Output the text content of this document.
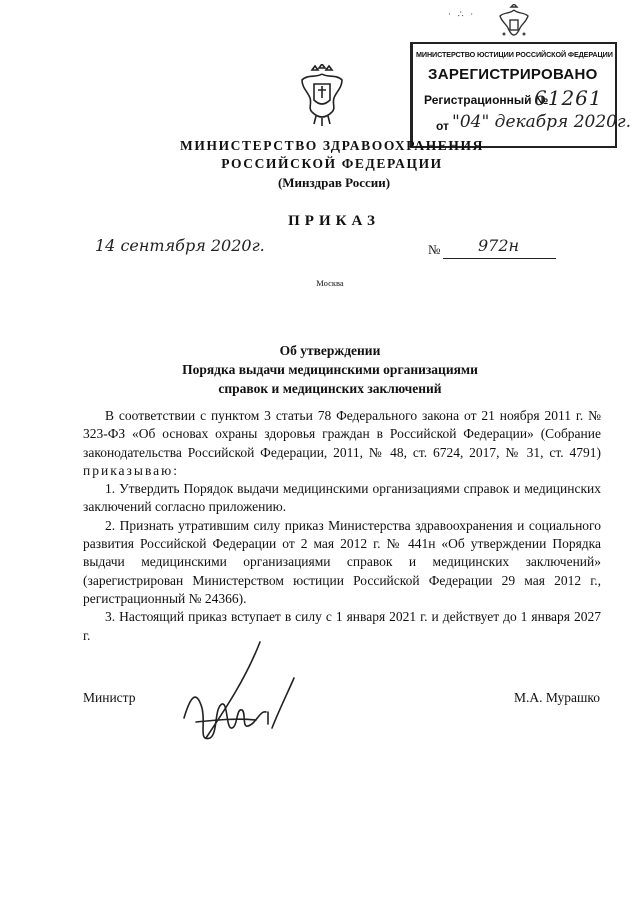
· ∴ ·
МИНИСТЕРСТВО ЮСТИЦИИ РОССИЙСКОЙ ФЕДЕРАЦИИ
ЗАРЕГИСТРИРОВАНО
Регистрационный №
61261
от "04" декабря 2020г.
МИНИСТЕРСТВО ЗДРАВООХРАНЕНИЯ
РОССИЙСКОЙ ФЕДЕРАЦИИ
(Минздрав России)
ПРИКАЗ
14 сентября 2020г.	№ 972н
Москва
Об утверждении
Порядка выдачи медицинскими организациями
справок и медицинских заключений

В соответствии с пунктом 3 статьи 78 Федерального закона от 21 ноября 2011 г. № 323-ФЗ «Об основах охраны здоровья граждан в Российской Федерации» (Собрание законодательства Российской Федерации, 2011, № 48, ст. 6724, 2017, № 31, ст. 4791) приказываю:

1. Утвердить Порядок выдачи медицинскими организациями справок и медицинских заключений согласно приложению.

2. Признать утратившим силу приказ Министерства здравоохранения и социального развития Российской Федерации от 2 мая 2012 г. № 441н «Об утверждении Порядка выдачи медицинскими организациями справок и медицинских заключений» (зарегистрирован Министерством юстиции Российской Федерации 29 мая 2012 г., регистрационный № 24366).

3. Настоящий приказ вступает в силу с 1 января 2021 г. и действует до 1 января 2027 г.

Министр	М.А. Мурашко
